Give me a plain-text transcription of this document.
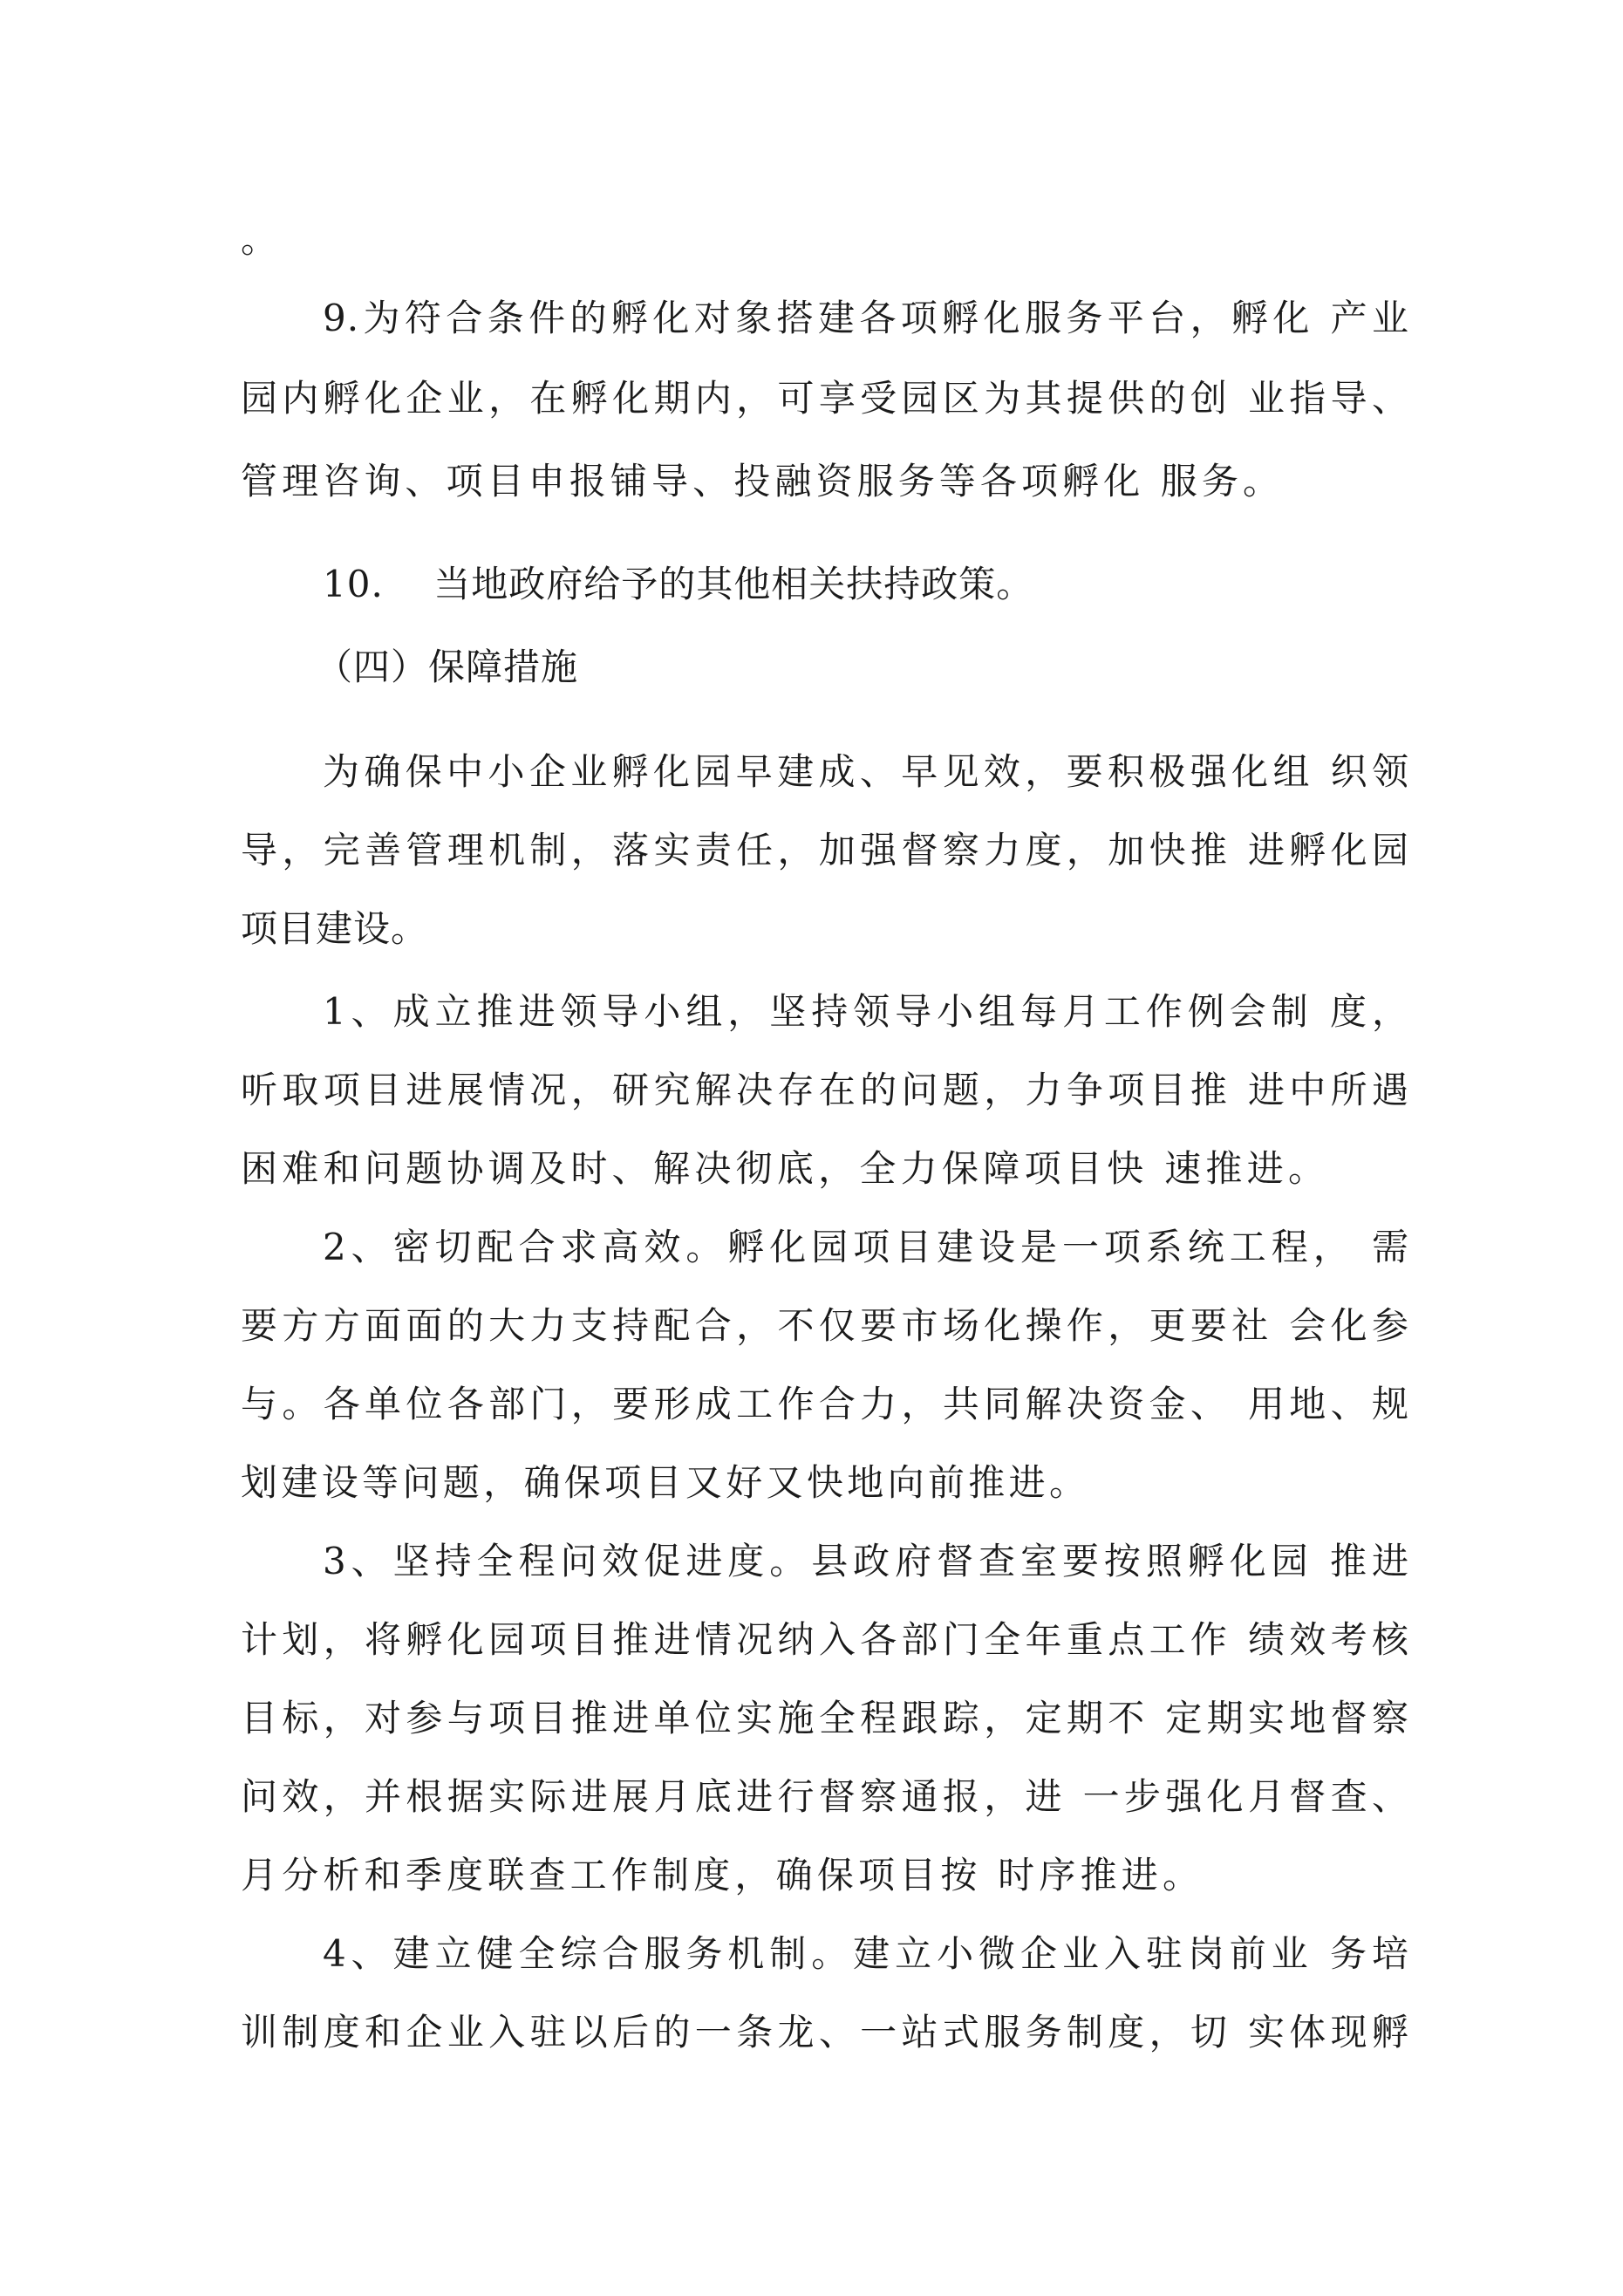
。
9.为符合条件的孵化对象搭建各项孵化服务平台，孵化 产业
园内孵化企业，在孵化期内，可享受园区为其提供的创 业指导、
管理咨询、项目申报铺导、投融资服务等各项孵化 服务。
10.    当地政府给予的其他相关扶持政策。
（四）保障措施
为确保中小企业孵化园早建成、早见效，要积极强化组 织领
导，完善管理机制，落实责任，加强督察力度，加快推 进孵化园
项目建设。
1、成立推进领导小组，坚持领导小组每月工作例会制 度，
听取项目进展情况，研究解决存在的问题，力争项目推 进中所遇
困难和问题协调及时、解决彻底，全力保障项目快 速推进。
2、密切配合求高效。孵化园项目建设是一项系统工程， 需
要方方面面的大力支持配合，不仅要市场化操作，更要社 会化参
与。各单位各部门，要形成工作合力，共同解决资金、 用地、规
划建设等问题，确保项目又好又快地向前推进。
3、坚持全程问效促进度。县政府督查室要按照孵化园 推进
计划，将孵化园项目推进情况纳入各部门全年重点工作 绩效考核
目标，对参与项目推进单位实施全程跟踪，定期不 定期实地督察
问效，并根据实际进展月底进行督察通报，进 一步强化月督查、
月分析和季度联查工作制度，确保项目按 时序推进。
4、建立健全综合服务机制。建立小微企业入驻岗前业 务培
训制度和企业入驻以后的一条龙、一站式服务制度，切 实体现孵
